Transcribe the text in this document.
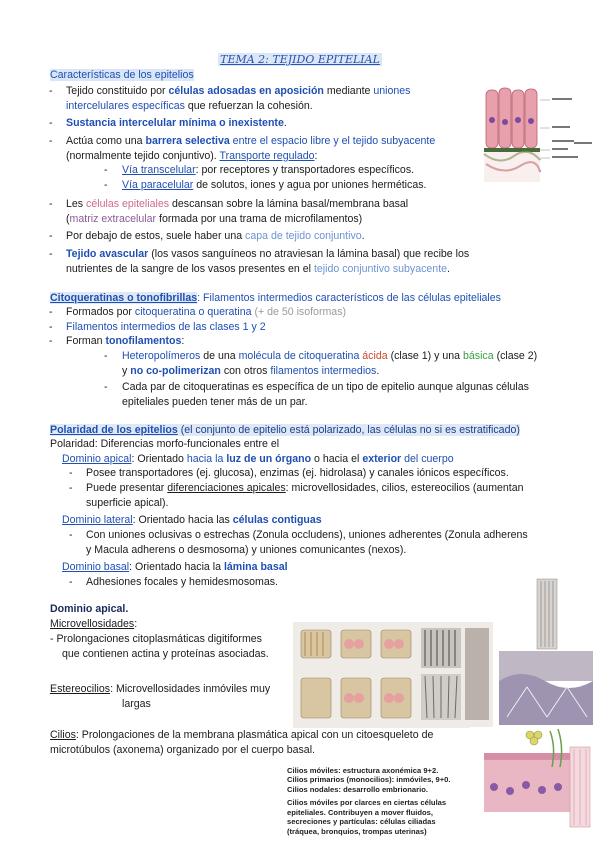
TEMA 2: TEJIDO EPITELIAL
Características de los epitelios
- Tejido constituido por células adosadas en aposición mediante uniones
intercelulares específicas que refuerzan la cohesión.
- Sustancia intercelular mínima o inexistente.
- Actúa como una barrera selectiva entre el espacio libre y el tejido subyacente
(normalmente tejido conjuntivo). Transporte regulado:
- Vía transcelular: por receptores y transportadores específicos.
- Vía paracelular de solutos, iones y agua por uniones herméticas.
- Les células epiteliales descansan sobre la lámina basal/membrana basal
(matriz extracelular formada por una trama de microfilamentos)
- Por debajo de estos, suele haber una capa de tejido conjuntivo.
- Tejido avascular (los vasos sanguíneos no atraviesan la lámina basal) que recibe los
nutrientes de la sangre de los vasos presentes en el tejido conjuntivo subyacente.
Citoqueratinas o tonofibrillas: Filamentos intermedios característicos de las células epiteliales
- Formados por citoqueratina o queratina (+ de 50 isoformas)
- Filamentos intermedios de las clases 1 y 2
- Forman tonofilamentos:
- Heteropolímeros de una molécula de citoqueratina ácida (clase 1) y una básica (clase 2)
y no co-polimerizan con otros filamentos intermedios.
- Cada par de citoqueratinas es específica de un tipo de epitelio aunque algunas células
epiteliales pueden tener más de un par.
Polaridad de los epitelios (el conjunto de epitelio está polarizado, las células no si es estratificado)
Polaridad: Diferencias morfo-funcionales entre el
Dominio apical: Orientado hacia la luz de un órgano o hacia el exterior del cuerpo
- Posee transportadores (ej. glucosa), enzimas (ej. hidrolasa) y canales iónicos específicos.
- Puede presentar diferenciaciones apicales: microvellosidades, cilios, estereocilios (aumentan
superficie apical).
Dominio lateral: Orientado hacia las células contiguas
- Con uniones oclusivas o estrechas (Zonula occludens), uniones adherentes (Zonula adherens
y Macula adherens o desmosoma) y uniones comunicantes (nexos).
Dominio basal: Orientado hacia la lámina basal
- Adhesiones focales y hemidesmosomas.
Dominio apical.
Microvellosidades:
- Prolongaciones citoplasmáticas digitiformes
que contienen actina y proteínas asociadas.
Estereocilios: Microvellosidades inmóviles muy
largas
Cilios: Prolongaciones de la membrana plasmática apical con un citoesqueleto de
microtúbulos (axonema) organizado por el cuerpo basal.
Cilios móviles: estructura axonémica 9+2.
Cilios primarios (monocilios): inmóviles, 9+0.
Cilios nodales: desarrollo embrionario.
Cilios móviles por clarces en ciertas células
epiteliales. Contribuyen a mover fluidos,
secreciones y partículas: células ciliadas
(tráquea, bronquios, trompas uterinas)
